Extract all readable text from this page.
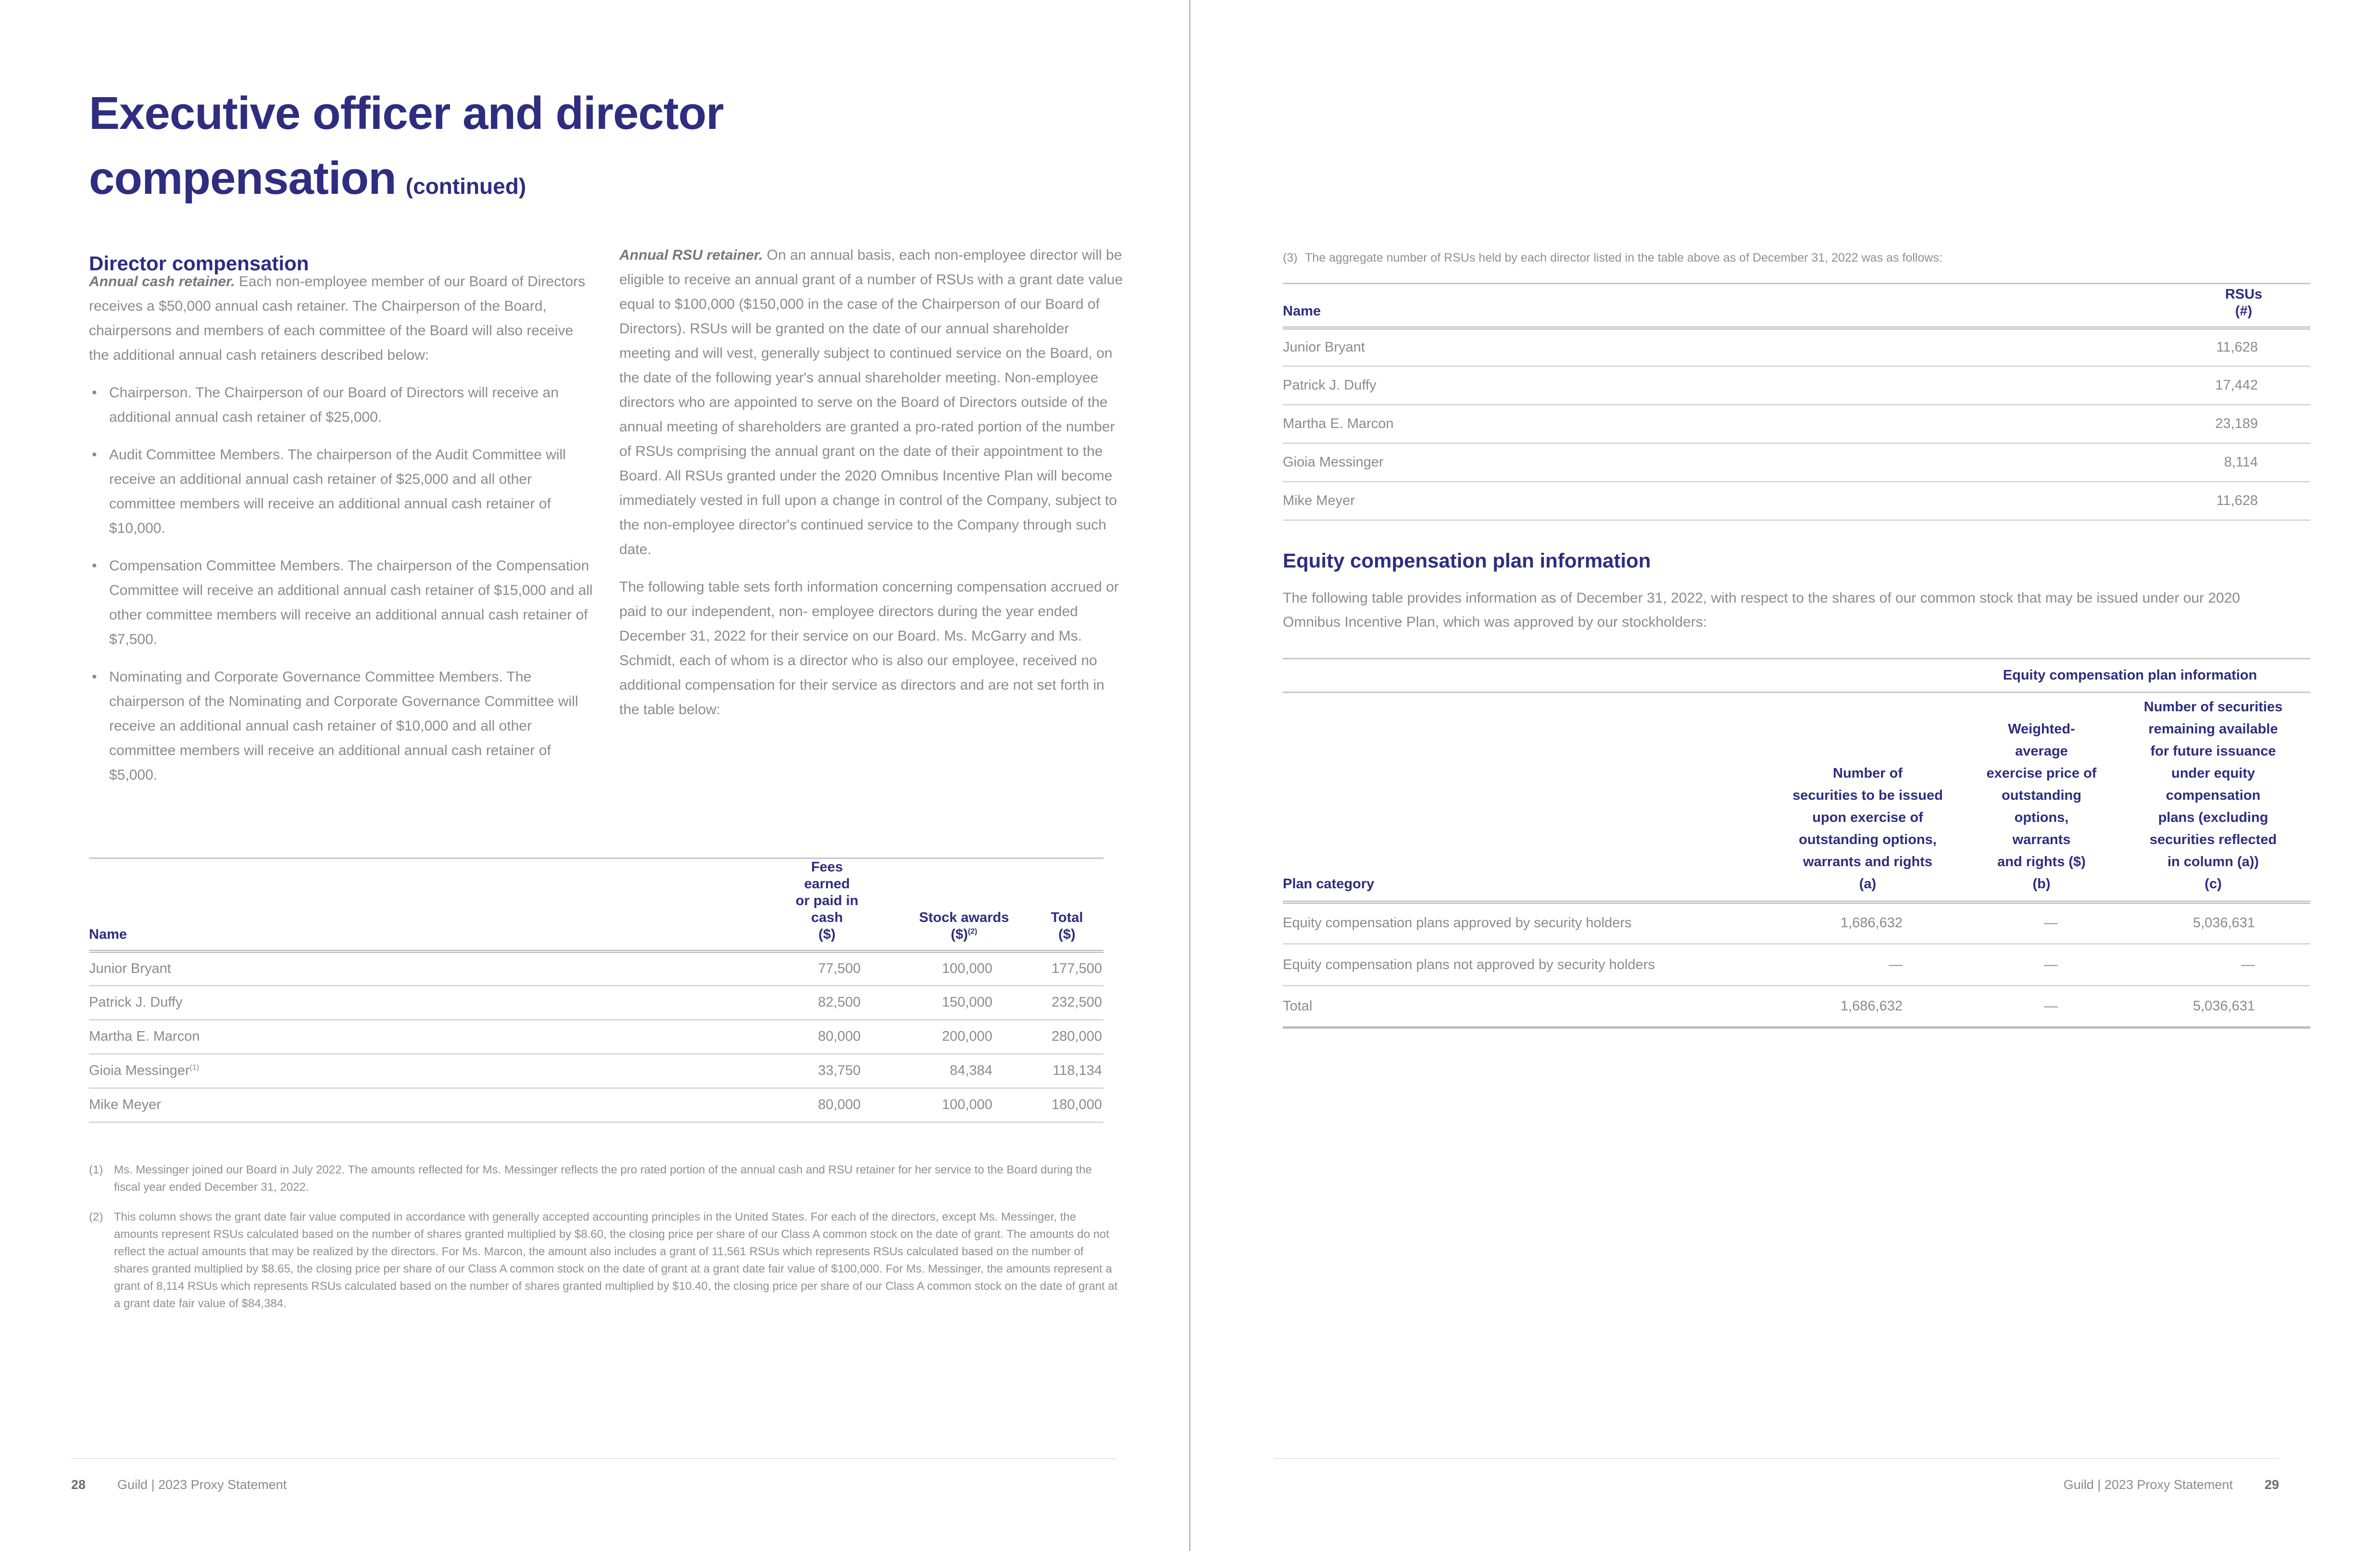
Executive officer and director
compensation (continued)
Director compensation

Annual cash retainer. Each non-employee member of our Board of Directors receives a $50,000 annual cash retainer. The Chairperson of the Board, chairpersons and members of each committee of the Board will also receive the additional annual cash retainers described below:

• Chairperson. The Chairperson of our Board of Directors will receive an additional annual cash retainer of $25,000.
• Audit Committee Members. The chairperson of the Audit Committee will receive an additional annual cash retainer of $25,000 and all other committee members will receive an additional annual cash retainer of $10,000.
• Compensation Committee Members. The chairperson of the Compensation Committee will receive an additional annual cash retainer of $15,000 and all other committee members will receive an additional annual cash retainer of $7,500.
• Nominating and Corporate Governance Committee Members. The chairperson of the Nominating and Corporate Governance Committee will receive an additional annual cash retainer of $10,000 and all other committee members will receive an additional annual cash retainer of $5,000.

Annual RSU retainer. On an annual basis, each non-employee director will be eligible to receive an annual grant of a number of RSUs with a grant date value equal to $100,000 ($150,000 in the case of the Chairperson of our Board of Directors). RSUs will be granted on the date of our annual shareholder meeting and will vest, generally subject to continued service on the Board, on the date of the following year's annual shareholder meeting. Non-employee directors who are appointed to serve on the Board of Directors outside of the annual meeting of shareholders are granted a pro-rated portion of the number of RSUs comprising the annual grant on the date of their appointment to the Board. All RSUs granted under the 2020 Omnibus Incentive Plan will become immediately vested in full upon a change in control of the Company, subject to the non-employee director's continued service to the Company through such date.

The following table sets forth information concerning compensation accrued or paid to our independent, non- employee directors during the year ended December 31, 2022 for their service on our Board. Ms. McGarry and Ms. Schmidt, each of whom is a director who is also our employee, received no additional compensation for their service as directors and are not set forth in the table below:

Name	
Fees earned
or paid in cash
($)

Stock awards
($)$^{(2)}$

Total
($)

Junior Bryant	77,500	100,000	177,500
Patrick J. Duffy	82,500	150,000	232,500
Martha E. Marcon	80,000	200,000	280,000
Gioia Messinger$^{(1)}$	33,750	84,384	118,134
Mike Meyer	80,000	100,000	180,000
(1) Ms. Messinger joined our Board in July 2022. The amounts reflected for Ms. Messinger reflects the pro rated portion of the annual cash and RSU retainer for her service to the Board during the fiscal year ended December 31, 2022.
(2) This column shows the grant date fair value computed in accordance with generally accepted accounting principles in the United States. For each of the directors, except Ms. Messinger, the amounts represent RSUs calculated based on the number of shares granted multiplied by $8.60, the closing price per share of our Class A common stock on the date of grant. The amounts do not reflect the actual amounts that may be realized by the directors. For Ms. Marcon, the amount also includes a grant of 11,561 RSUs which represents RSUs calculated based on the number of shares granted multiplied by $8.65, the closing price per share of our Class A common stock on the date of grant at a grant date fair value of $100,000. For Ms. Messinger, the amounts represent a grant of 8,114 RSUs which represents RSUs calculated based on the number of shares granted multiplied by $10.40, the closing price per share of our Class A common stock on the date of grant at a grant date fair value of $84,384.
28 Guild | 2023 Proxy Statement
(3) The aggregate number of RSUs held by each director listed in the table above as of December 31, 2022 was as follows:
Name	RSUs
(#)

Junior Bryant	11,628
Patrick J. Duffy	17,442
Martha E. Marcon	23,189
Gioia Messinger	8,114
Mike Meyer	11,628
Equity compensation plan information
The following table provides information as of December 31, 2022, with respect to the shares of our common stock that may be issued under our 2020 Omnibus Incentive Plan, which was approved by our stockholders:
	Equity compensation plan information		
Plan category	
Number of
securities to be issued
upon exercise of
outstanding options,
warrants and rights
(a)

Weighted-average
exercise price of
outstanding
options, warrants
and rights ($)
(b)

Number of securities
remaining available
for future issuance
under equity
compensation
plans (excluding
securities reflected
in column (a))
(c)

Equity compensation plans approved by security holders	1,686,632	—	5,036,631
Equity compensation plans not approved by security holders	—	—	—
Total	1,686,632	—	5,036,631
Guild | 2023 Proxy Statement 29
